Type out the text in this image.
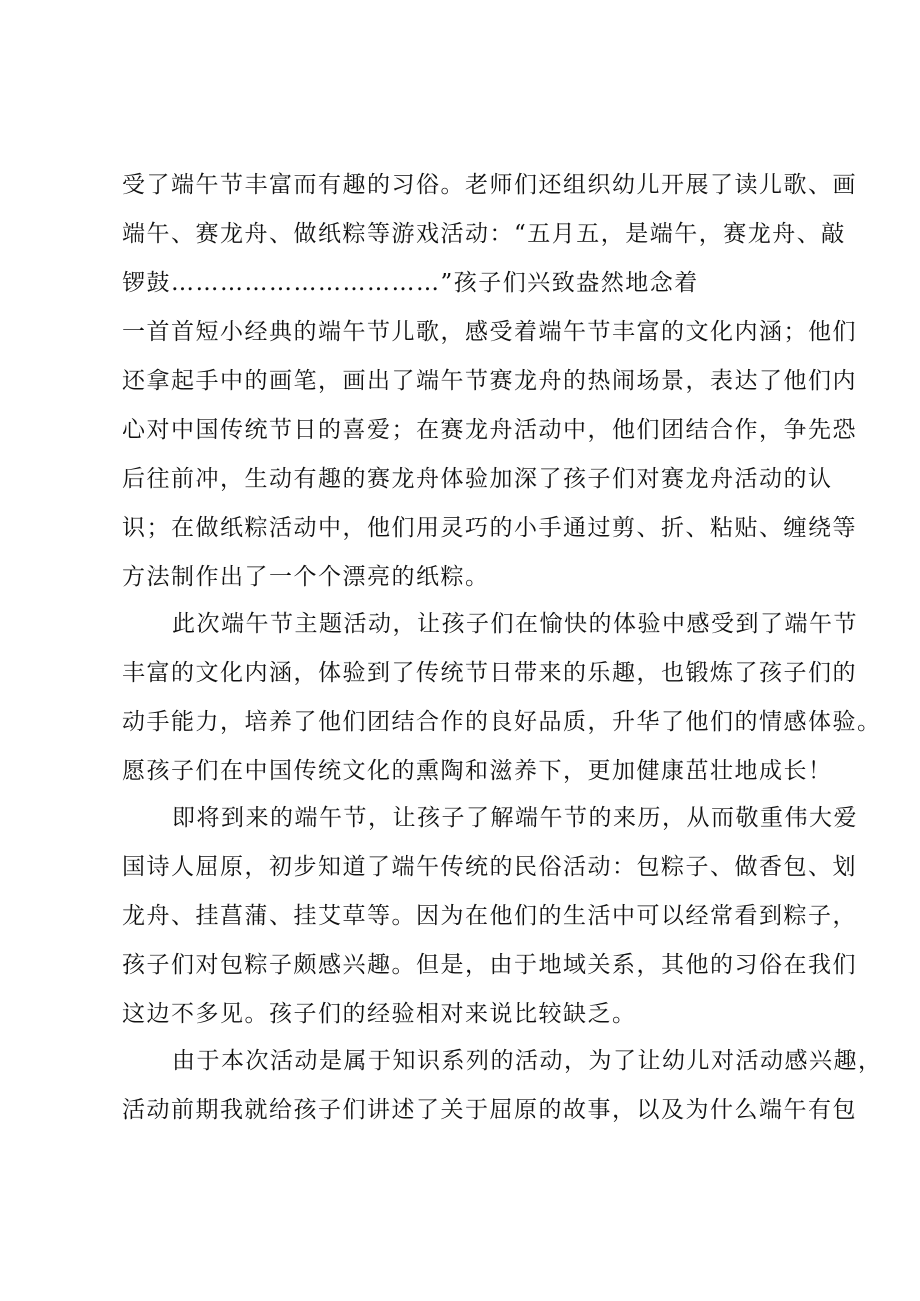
受了端午节丰富而有趣的习俗。老师们还组织幼儿开展了读儿歌、画
端午、赛龙舟、做纸粽等游戏活动：“五月五，是端午，赛龙舟、敲
锣鼓……………………………”孩子们兴致盎然地念着
一首首短小经典的端午节儿歌，感受着端午节丰富的文化内涵；他们
还拿起手中的画笔，画出了端午节赛龙舟的热闹场景，表达了他们内
心对中国传统节日的喜爱；在赛龙舟活动中，他们团结合作，争先恐
后往前冲，生动有趣的赛龙舟体验加深了孩子们对赛龙舟活动的认
识；在做纸粽活动中，他们用灵巧的小手通过剪、折、粘贴、缠绕等
方法制作出了一个个漂亮的纸粽。
此次端午节主题活动，让孩子们在愉快的体验中感受到了端午节
丰富的文化内涵，体验到了传统节日带来的乐趣，也锻炼了孩子们的
动手能力，培养了他们团结合作的良好品质，升华了他们的情感体验。
愿孩子们在中国传统文化的熏陶和滋养下，更加健康茁壮地成长！
即将到来的端午节，让孩子了解端午节的来历，从而敬重伟大爱
国诗人屈原，初步知道了端午传统的民俗活动：包粽子、做香包、划
龙舟、挂菖蒲、挂艾草等。因为在他们的生活中可以经常看到粽子，
孩子们对包粽子颇感兴趣。但是，由于地域关系，其他的习俗在我们
这边不多见。孩子们的经验相对来说比较缺乏。
由于本次活动是属于知识系列的活动，为了让幼儿对活动感兴趣，
活动前期我就给孩子们讲述了关于屈原的故事，以及为什么端午有包
